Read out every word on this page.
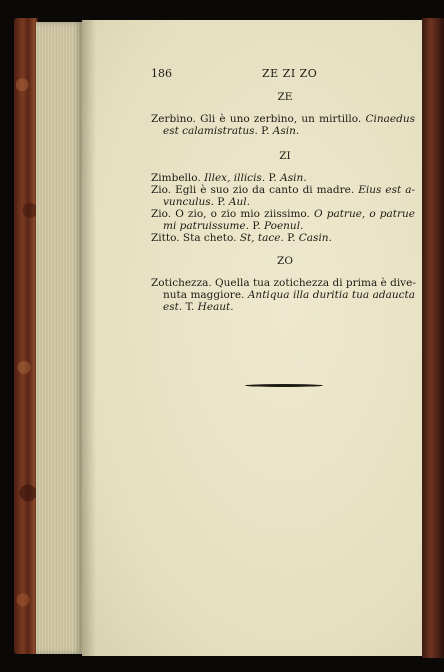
186	ZE ZI ZO
ZE
Zerbino. Gli è uno zerbino, un mirtillo. Cinaedus
est calamistratus. P. Asin.
ZI
Zimbello. Illex, illicis. P. Asin.
Zio. Egli è suo zio da canto di madre. Eius est a-
vunculus. P. Aul.
Zio. O zio, o zio mio ziissimo. O patrue, o patrue
mi patruissume. P. Poenul.
Zitto. Sta cheto. St, tace. P. Casin.
ZO
Zotichezza. Quella tua zotichezza di prima è dive-
nuta maggiore. Antiqua illa duritia tua adaucta
est. T. Heaut.
